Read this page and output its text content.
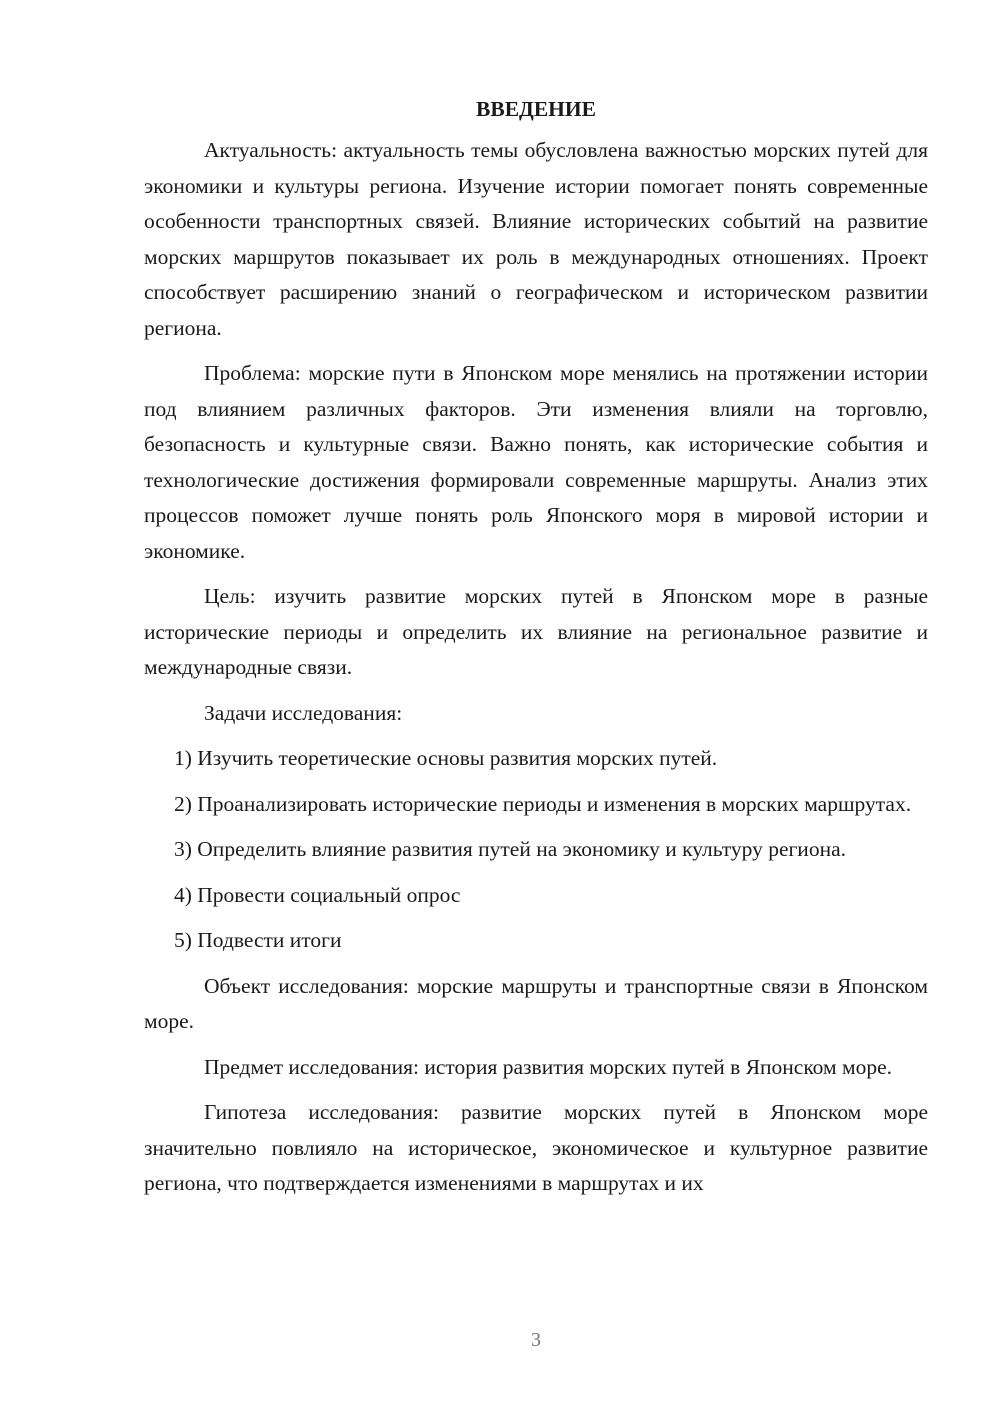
ВВЕДЕНИЕ

Актуальность: актуальность темы обусловлена важностью морских путей для экономики и культуры региона. Изучение истории помогает понять современные особенности транспортных связей. Влияние исторических событий на развитие морских маршрутов показывает их роль в международных отношениях. Проект способствует расширению знаний о географическом и историческом развитии региона.

Проблема: морские пути в Японском море менялись на протяжении истории под влиянием различных факторов. Эти изменения влияли на торговлю, безопасность и культурные связи. Важно понять, как исторические события и технологические достижения формировали современные маршруты. Анализ этих процессов поможет лучше понять роль Японского моря в мировой истории и экономике.

Цель: изучить развитие морских путей в Японском море в разные исторические периоды и определить их влияние на региональное развитие и международные связи.

Задачи исследования:

1) Изучить теоретические основы развития морских путей.

2) Проанализировать исторические периоды и изменения в морских маршрутах.

3) Определить влияние развития путей на экономику и культуру региона.

4) Провести социальный опрос

5) Подвести итоги

Объект исследования: морские маршруты и транспортные связи в Японском море.

Предмет исследования: история развития морских путей в Японском море.

Гипотеза исследования: развитие морских путей в Японском море значительно повлияло на историческое, экономическое и культурное развитие региона, что подтверждается изменениями в маршрутах и их

3
